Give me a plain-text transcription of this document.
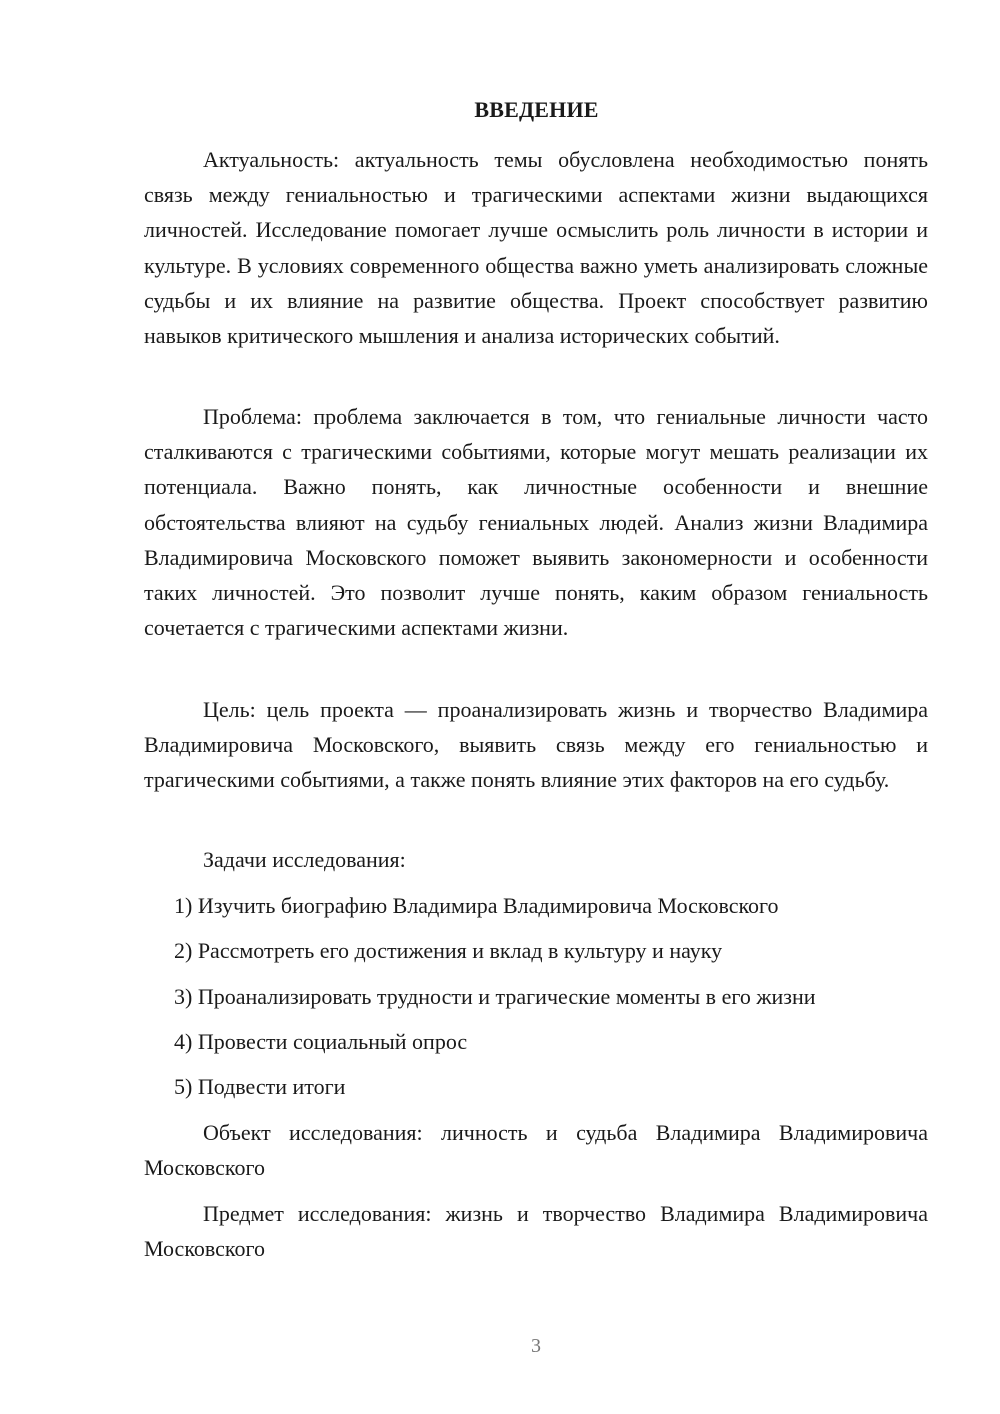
ВВЕДЕНИЕ

Актуальность: актуальность темы обусловлена необходимостью понять связь между гениальностью и трагическими аспектами жизни выдающихся личностей. Исследование помогает лучше осмыслить роль личности в истории и культуре. В условиях современного общества важно уметь анализировать сложные судьбы и их влияние на развитие общества. Проект способствует развитию навыков критического мышления и анализа исторических событий.

Проблема: проблема заключается в том, что гениальные личности часто сталкиваются с трагическими событиями, которые могут мешать реализации их потенциала. Важно понять, как личностные особенности и внешние обстоятельства влияют на судьбу гениальных людей. Анализ жизни Владимира Владимировича Московского поможет выявить закономерности и особенности таких личностей. Это позволит лучше понять, каким образом гениальность сочетается с трагическими аспектами жизни.

Цель: цель проекта — проанализировать жизнь и творчество Владимира Владимировича Московского, выявить связь между его гениальностью и трагическими событиями, а также понять влияние этих факторов на его судьбу.

Задачи исследования:

1) Изучить биографию Владимира Владимировича Московского

2) Рассмотреть его достижения и вклад в культуру и науку

3) Проанализировать трудности и трагические моменты в его жизни

4) Провести социальный опрос

5) Подвести итоги

Объект исследования: личность и судьба Владимира Владимировича Московского

Предмет исследования: жизнь и творчество Владимира Владимировича Московского

3
